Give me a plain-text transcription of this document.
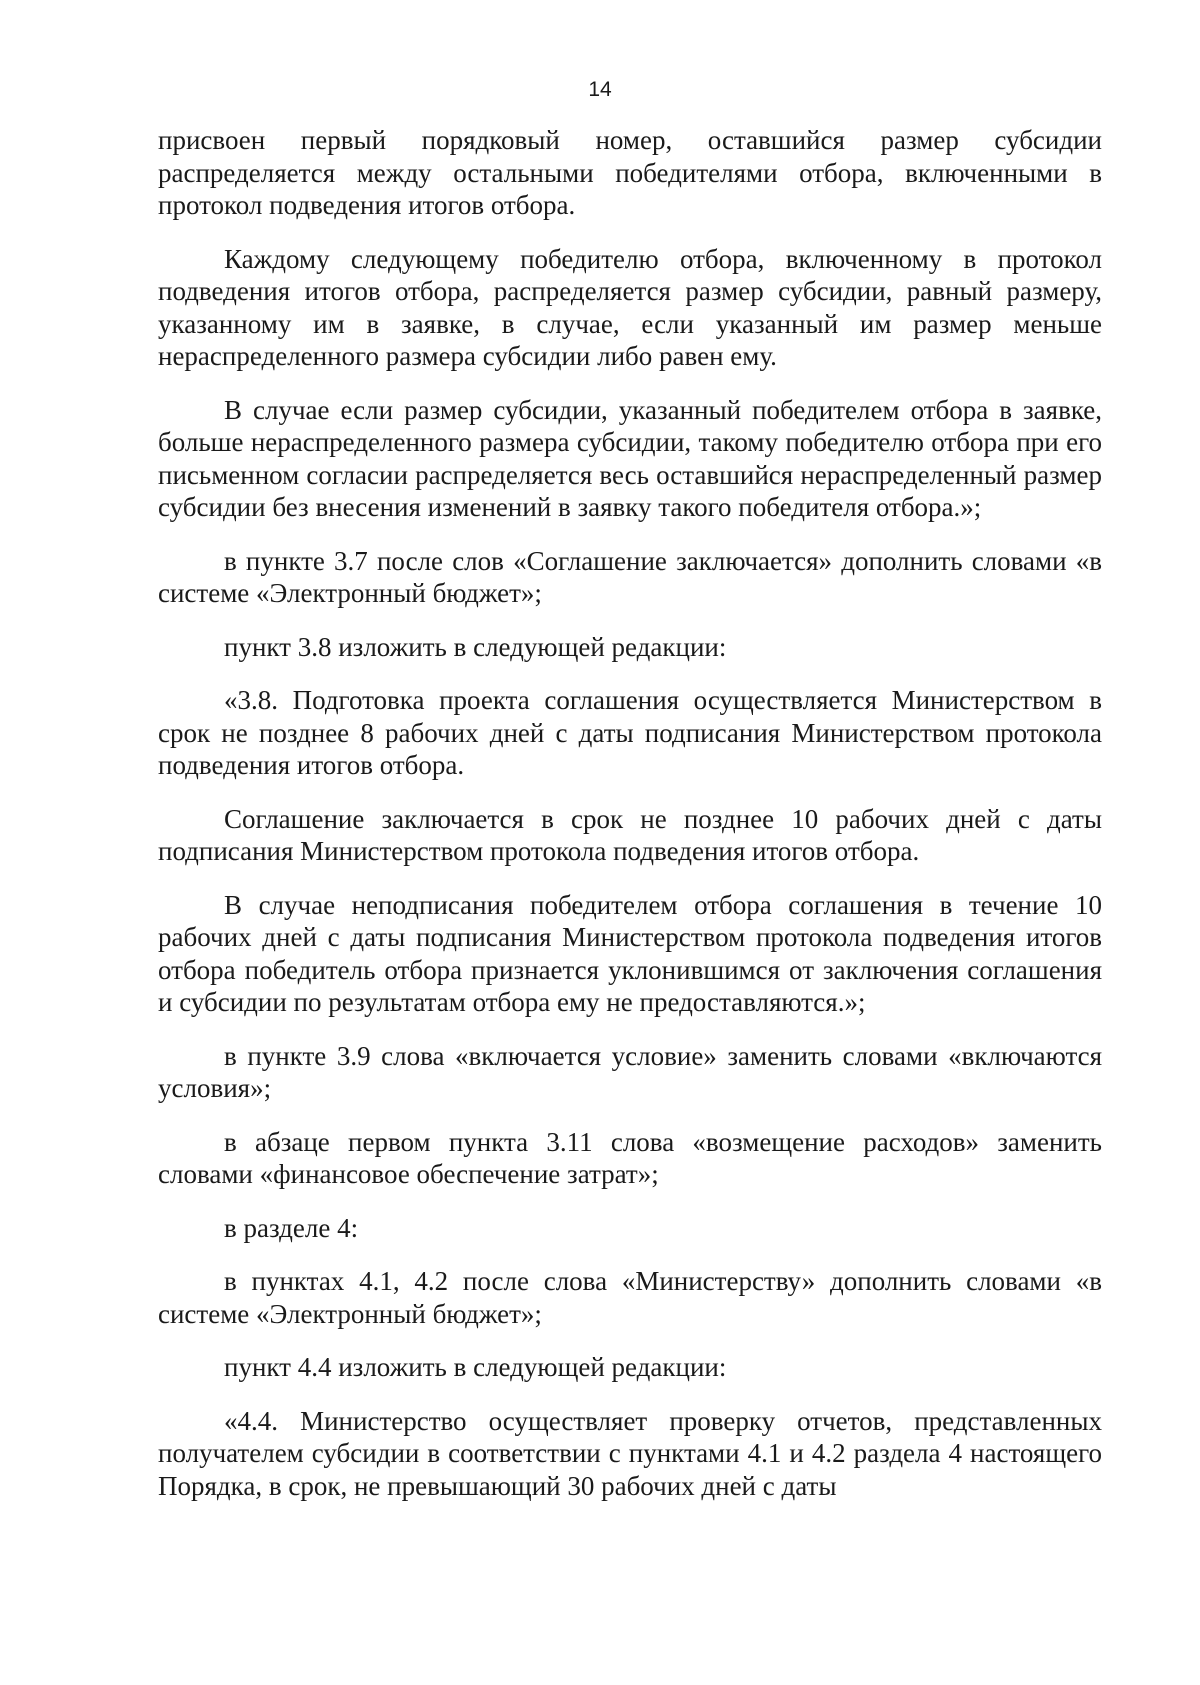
14

присвоен первый порядковый номер, оставшийся размер субсидии распределяется между остальными победителями отбора, включенными в протокол подведения итогов отбора.

Каждому следующему победителю отбора, включенному в протокол подведения итогов отбора, распределяется размер субсидии, равный размеру, указанному им в заявке, в случае, если указанный им размер меньше нераспределенного размера субсидии либо равен ему.

В случае если размер субсидии, указанный победителем отбора в заявке, больше нераспределенного размера субсидии, такому победителю отбора при его письменном согласии распределяется весь оставшийся нераспределенный размер субсидии без внесения изменений в заявку такого победителя отбора.»;

в пункте 3.7 после слов «Соглашение заключается» дополнить словами «в системе «Электронный бюджет»;

пункт 3.8 изложить в следующей редакции:

«3.8. Подготовка проекта соглашения осуществляется Министерством в срок не позднее 8 рабочих дней с даты подписания Министерством протокола подведения итогов отбора.

Соглашение заключается в срок не позднее 10 рабочих дней с даты подписания Министерством протокола подведения итогов отбора.

В случае неподписания победителем отбора соглашения в течение 10 рабочих дней с даты подписания Министерством протокола подведения итогов отбора победитель отбора признается уклонившимся от заключения соглашения и субсидии по результатам отбора ему не предоставляются.»;

в пункте 3.9 слова «включается условие» заменить словами «включаются условия»;

в абзаце первом пункта 3.11 слова «возмещение расходов» заменить словами «финансовое обеспечение затрат»;

в разделе 4:

в пунктах 4.1, 4.2 после слова «Министерству» дополнить словами «в системе «Электронный бюджет»;

пункт 4.4 изложить в следующей редакции:

«4.4. Министерство осуществляет проверку отчетов, представленных получателем субсидии в соответствии с пунктами 4.1 и 4.2 раздела 4 настоящего Порядка, в срок, не превышающий 30 рабочих дней с даты
